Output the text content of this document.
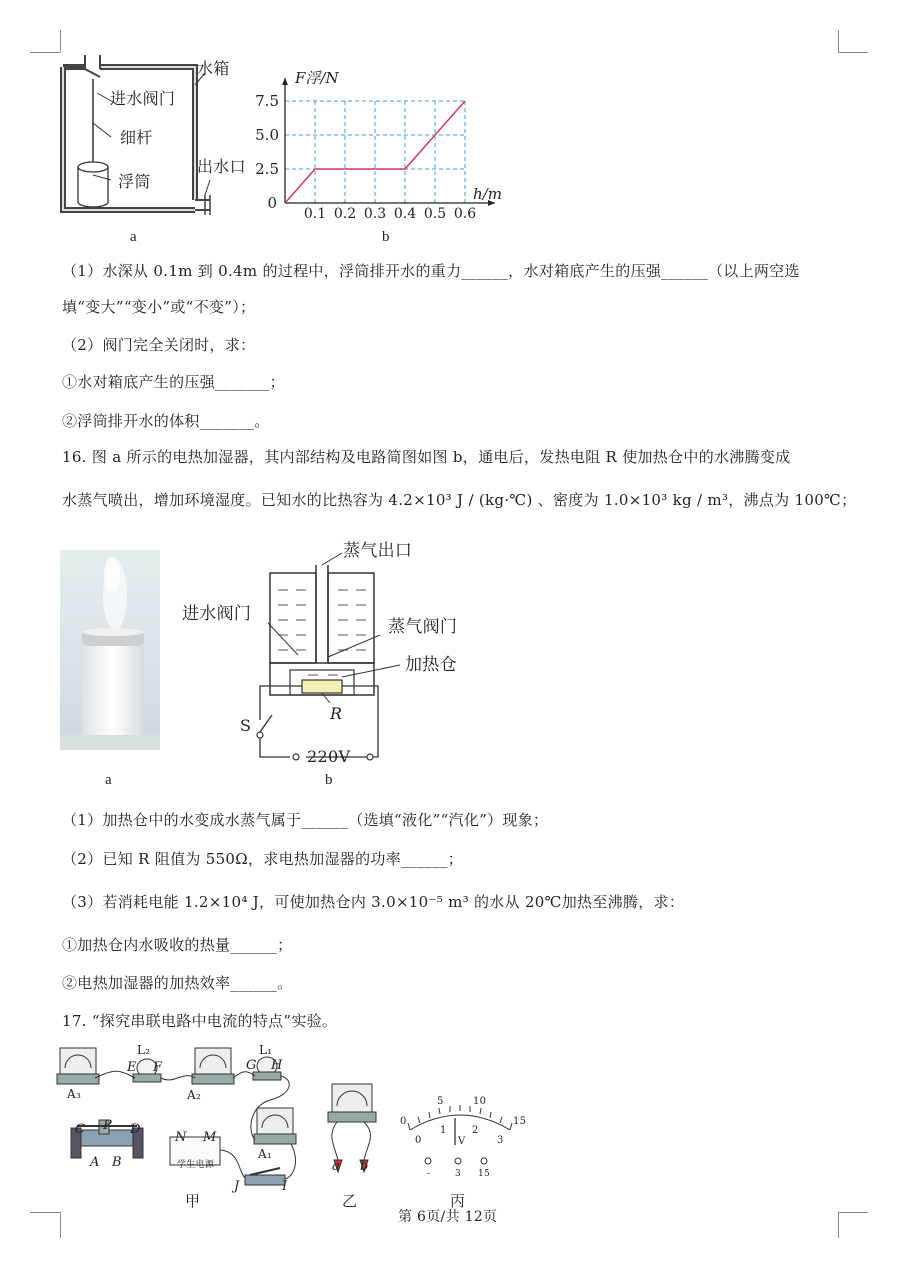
水箱
进水阀门
细杆
浮筒
出水口
a
0.1 0.2 0.3 0.4 0.5 0.6
2.5
5.0
7.5
0
F浮/N
h/m
b
（1）水深从 0.1m 到 0.4m 的过程中，浮筒排开水的重力______，水对箱底产生的压强______（以上两空选
填“变大”“变小”或“不变”）；
（2）阀门完全关闭时，求：
①水对箱底产生的压强_______；
②浮筒排开水的体积_______。
16. 图 a 所示的电热加湿器，其内部结构及电路简图如图 b，通电后，发热电阻 R 使加热仓中的水沸腾变成
水蒸气喷出，增加环境湿度。已知水的比热容为 4.2×10³ J / (kg·℃) 、密度为 1.0×10³ kg / m³，沸点为 100℃；
a
蒸气出口
进水阀门
蒸气阀门
加热仓
R
S
220V
b
（1）加热仓中的水变成水蒸气属于______（选填“液化”“汽化”）现象；
（2）已知 R 阻值为 550Ω，求电热加湿器的功率______；
（3）若消耗电能 1.2×10⁴ J，可使加热仓内 3.0×10⁻⁵ m³ 的水从 20℃加热至沸腾，求：
①加热仓内水吸收的热量______；
②电热加湿器的加热效率______。
17. “探究串联电路中电流的特点”实验。
L₂
E F
L₁
G H
A₃	A₂
A₁
C P D
A B
N M
学生电源
J	I
甲
a b
乙
0
5	10
15
0
1	2
3
V
-	3 15
丙
第 6页/共 12页
